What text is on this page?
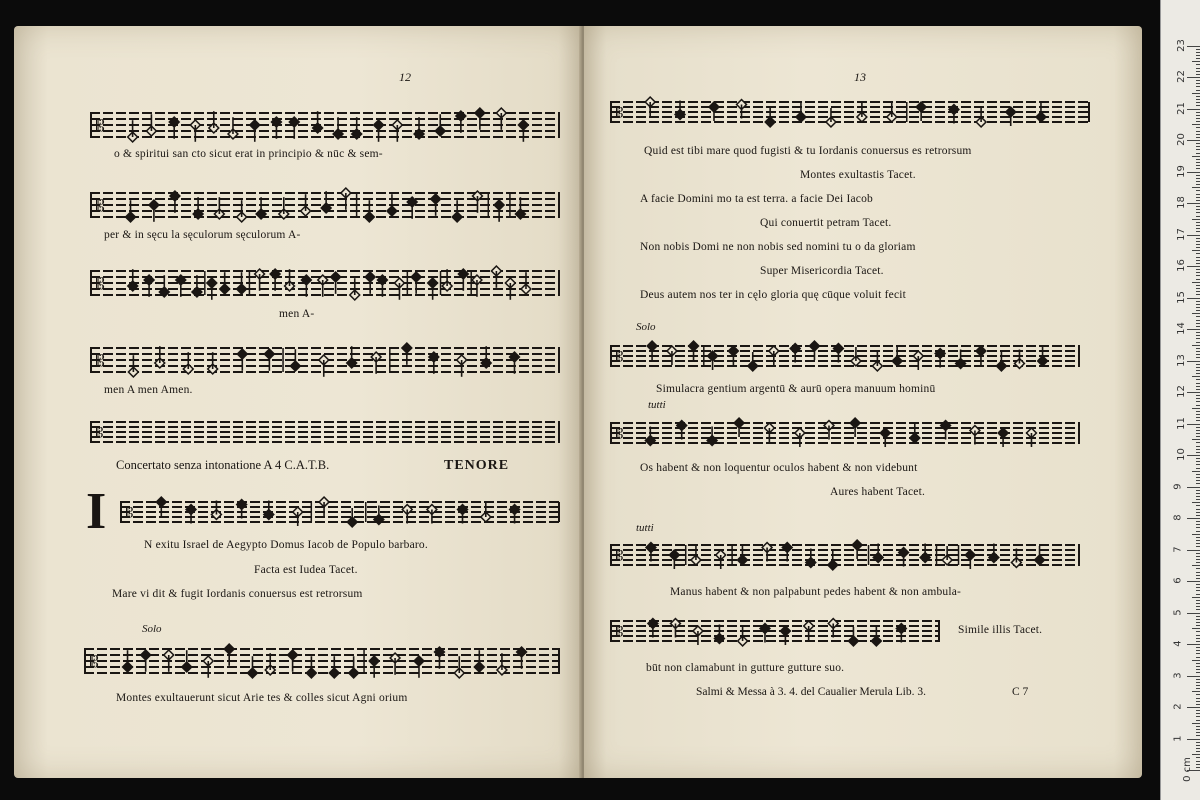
12
𝄡
o & spiritui san cto sicut erat in principio & nūc & sem-
𝄡
per & in sęcu la sęculorum sęculorum A-
𝄡
men A-
𝄡
men A men Amen.
𝄡
Concertato senza intonatione A 4 C.A.T.B.	TENORE
I 𝄡
N exitu Israel de Aegypto Domus Iacob de Populo barbaro.
Facta est Iudea Tacet.
Mare vi dit & fugit Iordanis conuersus est retrorsum
Solo
𝄡
Montes exultauerunt sicut Arie tes & colles sicut Agni orium
13
𝄡
Quid est tibi mare quod fugisti & tu Iordanis conuersus es retrorsum
Montes exultastis Tacet.
A facie Domini mo ta est terra. a facie Dei Iacob
Qui conuertit petram Tacet.
Non nobis Domi ne non nobis sed nomini tu o da gloriam
Super Misericordia Tacet.
Deus autem nos ter in cęlo gloria quę cūque voluit fecit
Solo
𝄡
Simulacra gentium argentū & aurū opera manuum hominū
tutti
𝄡
Os habent & non loquentur oculos habent & non videbunt
Aures habent Tacet.
tutti
𝄡
Manus habent & non palpabunt pedes habent & non ambula-
𝄡	Simile illis Tacet.
būt non clamabunt in gutture gutture suo.
Salmi & Messa à 3. 4. del Caualier Merula Lib. 3.	C 7
0 cm
1
2
3
4
5
6
7
8
9
10
11
12
13
14
15
16
17
18
19
20
21
22
23
